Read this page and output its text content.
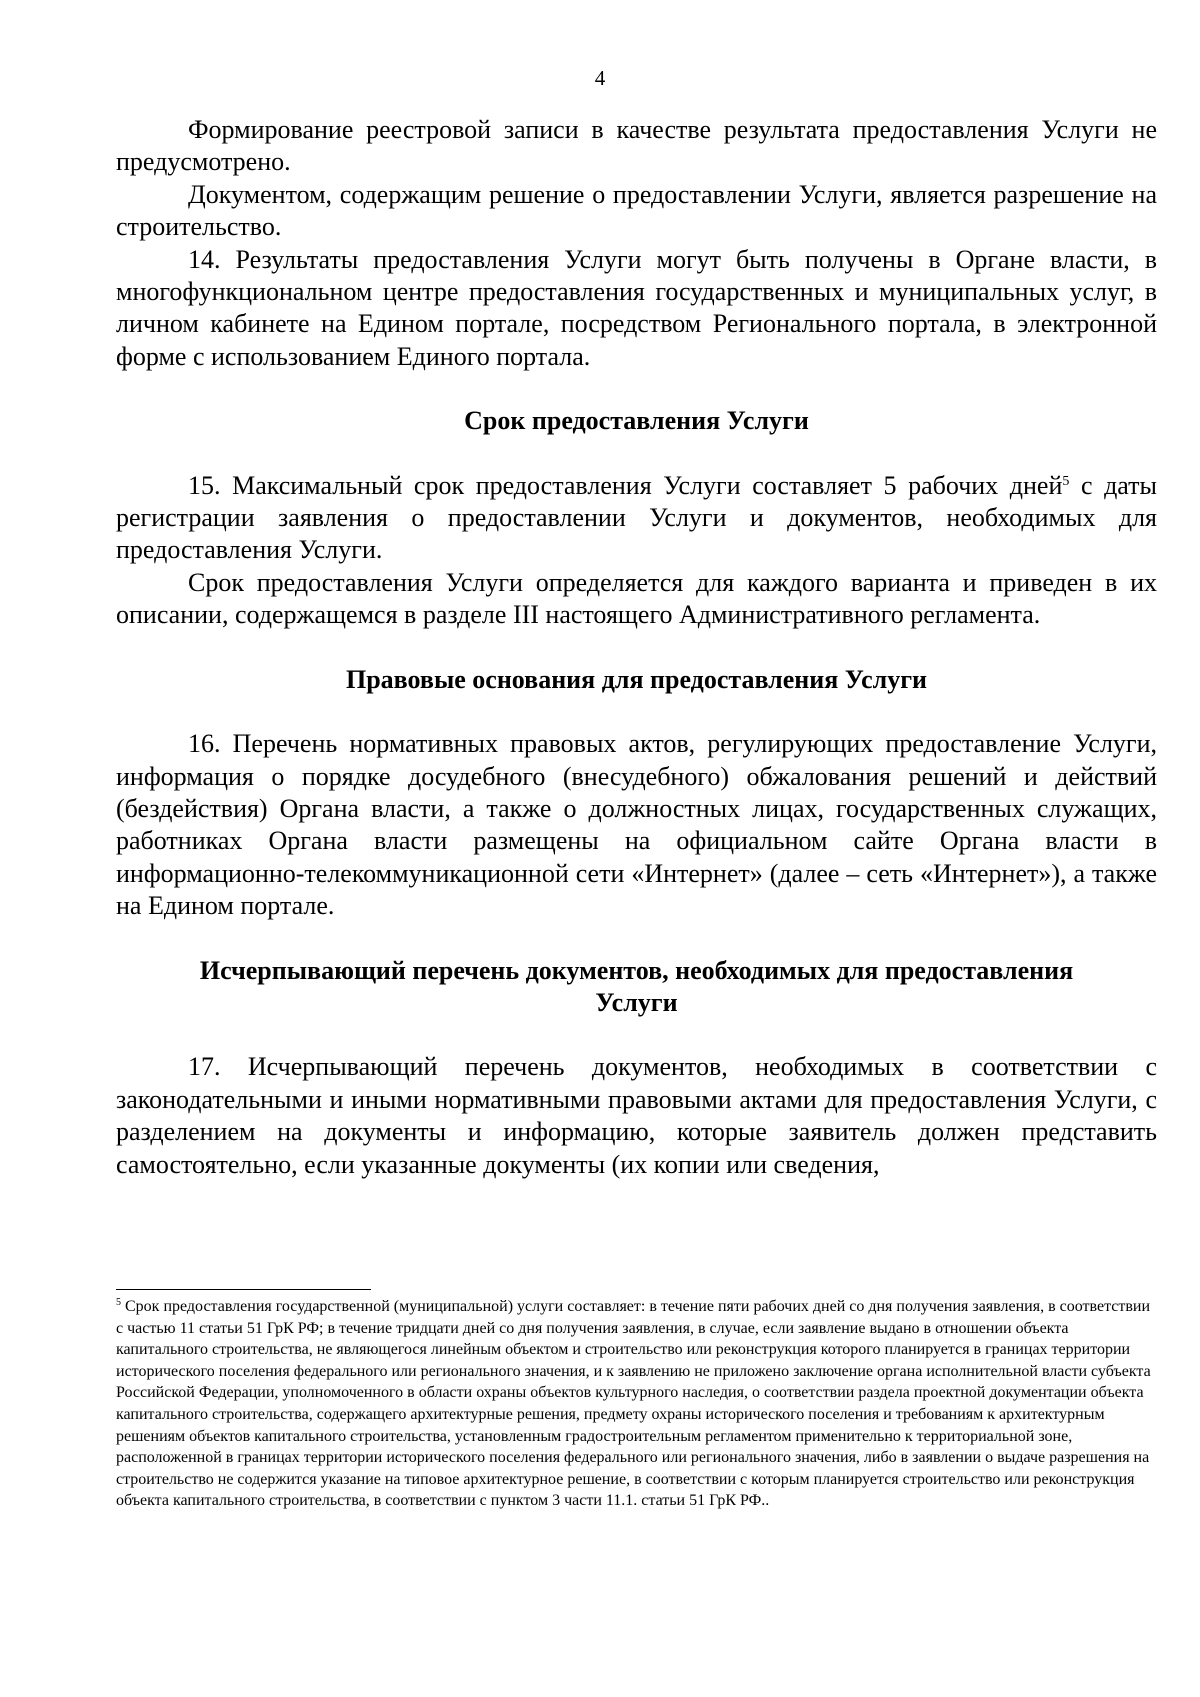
4

Формирование реестровой записи в качестве результата предоставления Услуги не предусмотрено.

Документом, содержащим решение о предоставлении Услуги, является разрешение на строительство.

14. Результаты предоставления Услуги могут быть получены в Органе власти, в многофункциональном центре предоставления государственных и муниципальных услуг, в личном кабинете на Едином портале, посредством Регионального портала, в электронной форме с использованием Единого портала.

Срок предоставления Услуги

15. Максимальный срок предоставления Услуги составляет 5 рабочих дней$^5$ с даты регистрации заявления о предоставлении Услуги и документов, необходимых для предоставления Услуги.

Срок предоставления Услуги определяется для каждого варианта и приведен в их описании, содержащемся в разделе III настоящего Административного регламента.

Правовые основания для предоставления Услуги

16. Перечень нормативных правовых актов, регулирующих предоставление Услуги, информация о порядке досудебного (внесудебного) обжалования решений и действий (бездействия) Органа власти, а также о должностных лицах, государственных служащих, работниках Органа власти размещены на официальном сайте Органа власти в информационно-телекоммуникационной сети «Интернет» (далее – сеть «Интернет»), а также на Едином портале.

Исчерпывающий перечень документов, необходимых для предоставления
Услуги

17. Исчерпывающий перечень документов, необходимых в соответствии с законодательными и иными нормативными правовыми актами для предоставления Услуги, с разделением на документы и информацию, которые заявитель должен представить самостоятельно, если указанные документы (их копии или сведения,

$^5$ Срок предоставления государственной (муниципальной) услуги составляет: в течение пяти рабочих дней со дня получения заявления, в соответствии с частью 11 статьи 51 ГрК РФ; в течение тридцати дней со дня получения заявления, в случае, если заявление выдано в отношении объекта капитального строительства, не являющегося линейным объектом и строительство или реконструкция которого планируется в границах территории исторического поселения федерального или регионального значения, и к заявлению не приложено заключение органа исполнительной власти субъекта Российской Федерации, уполномоченного в области охраны объектов культурного наследия, о соответствии раздела проектной документации объекта капитального строительства, содержащего архитектурные решения, предмету охраны исторического поселения и требованиям к архитектурным решениям объектов капитального строительства, установленным градостроительным регламентом применительно к территориальной зоне, расположенной в границах территории исторического поселения федерального или регионального значения, либо в заявлении о выдаче разрешения на строительство не содержится указание на типовое архитектурное решение, в соответствии с которым планируется строительство или реконструкция объекта капитального строительства, в соответствии с пунктом 3 части 11.1. статьи 51 ГрК РФ..
